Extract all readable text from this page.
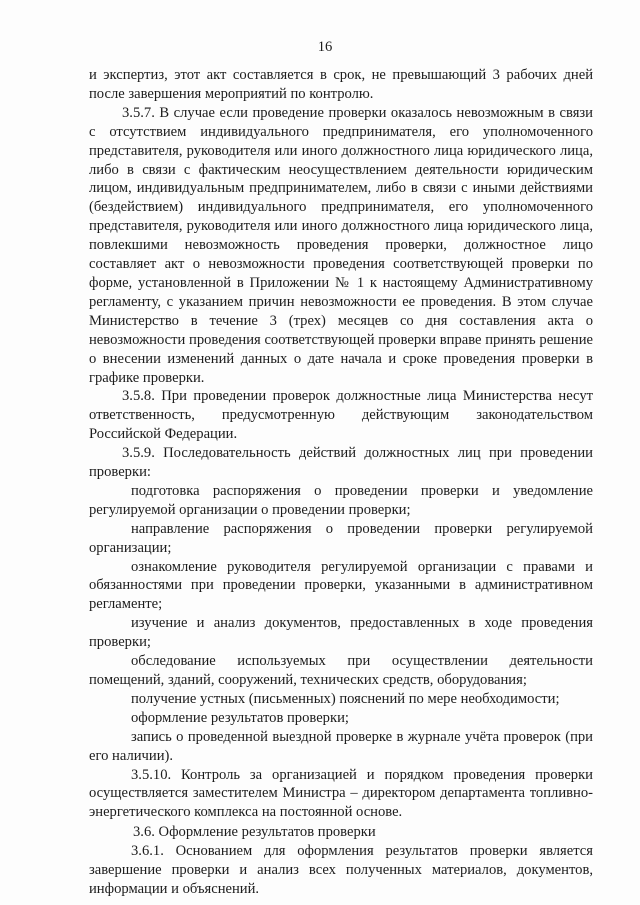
16

и экспертиз, этот акт составляется в срок, не превышающий 3 рабочих дней после завершения мероприятий по контролю.

3.5.7. В случае если проведение проверки оказалось невозможным в связи с отсутствием индивидуального предпринимателя, его уполномоченного представителя, руководителя или иного должностного лица юридического лица, либо в связи с фактическим неосуществлением деятельности юридическим лицом, индивидуальным предпринимателем, либо в связи с иными действиями (бездействием) индивидуального предпринимателя, его уполномоченного представителя, руководителя или иного должностного лица юридического лица, повлекшими невозможность проведения проверки, должностное лицо составляет акт о невозможности проведения соответствующей проверки по форме, установленной в Приложении № 1 к настоящему Административному регламенту, с указанием причин невозможности ее проведения. В этом случае Министерство в течение 3 (трех) месяцев со дня составления акта о невозможности проведения соответствующей проверки вправе принять решение о внесении изменений данных о дате начала и сроке проведения проверки в графике проверки.

3.5.8. При проведении проверок должностные лица Министерства несут ответственность, предусмотренную действующим законодательством Российской Федерации.

3.5.9. Последовательность действий должностных лиц при проведении проверки:

подготовка распоряжения о проведении проверки и уведомление регулируемой организации о проведении проверки;

направление распоряжения о проведении проверки регулируемой организации;

ознакомление руководителя регулируемой организации с правами и обязанностями при проведении проверки, указанными в административном регламенте;

изучение и анализ документов, предоставленных в ходе проведения проверки;

обследование используемых при осуществлении деятельности помещений, зданий, сооружений, технических средств, оборудования;

получение устных (письменных) пояснений по мере необходимости;

оформление результатов проверки;

запись о проведенной выездной проверке в журнале учёта проверок (при его наличии).

3.5.10. Контроль за организацией и порядком проведения проверки осуществляется заместителем Министра – директором департамента топливно-энергетического комплекса на постоянной основе.

3.6. Оформление результатов проверки

3.6.1. Основанием для оформления результатов проверки является завершение проверки и анализ всех полученных материалов, документов, информации и объяснений.
